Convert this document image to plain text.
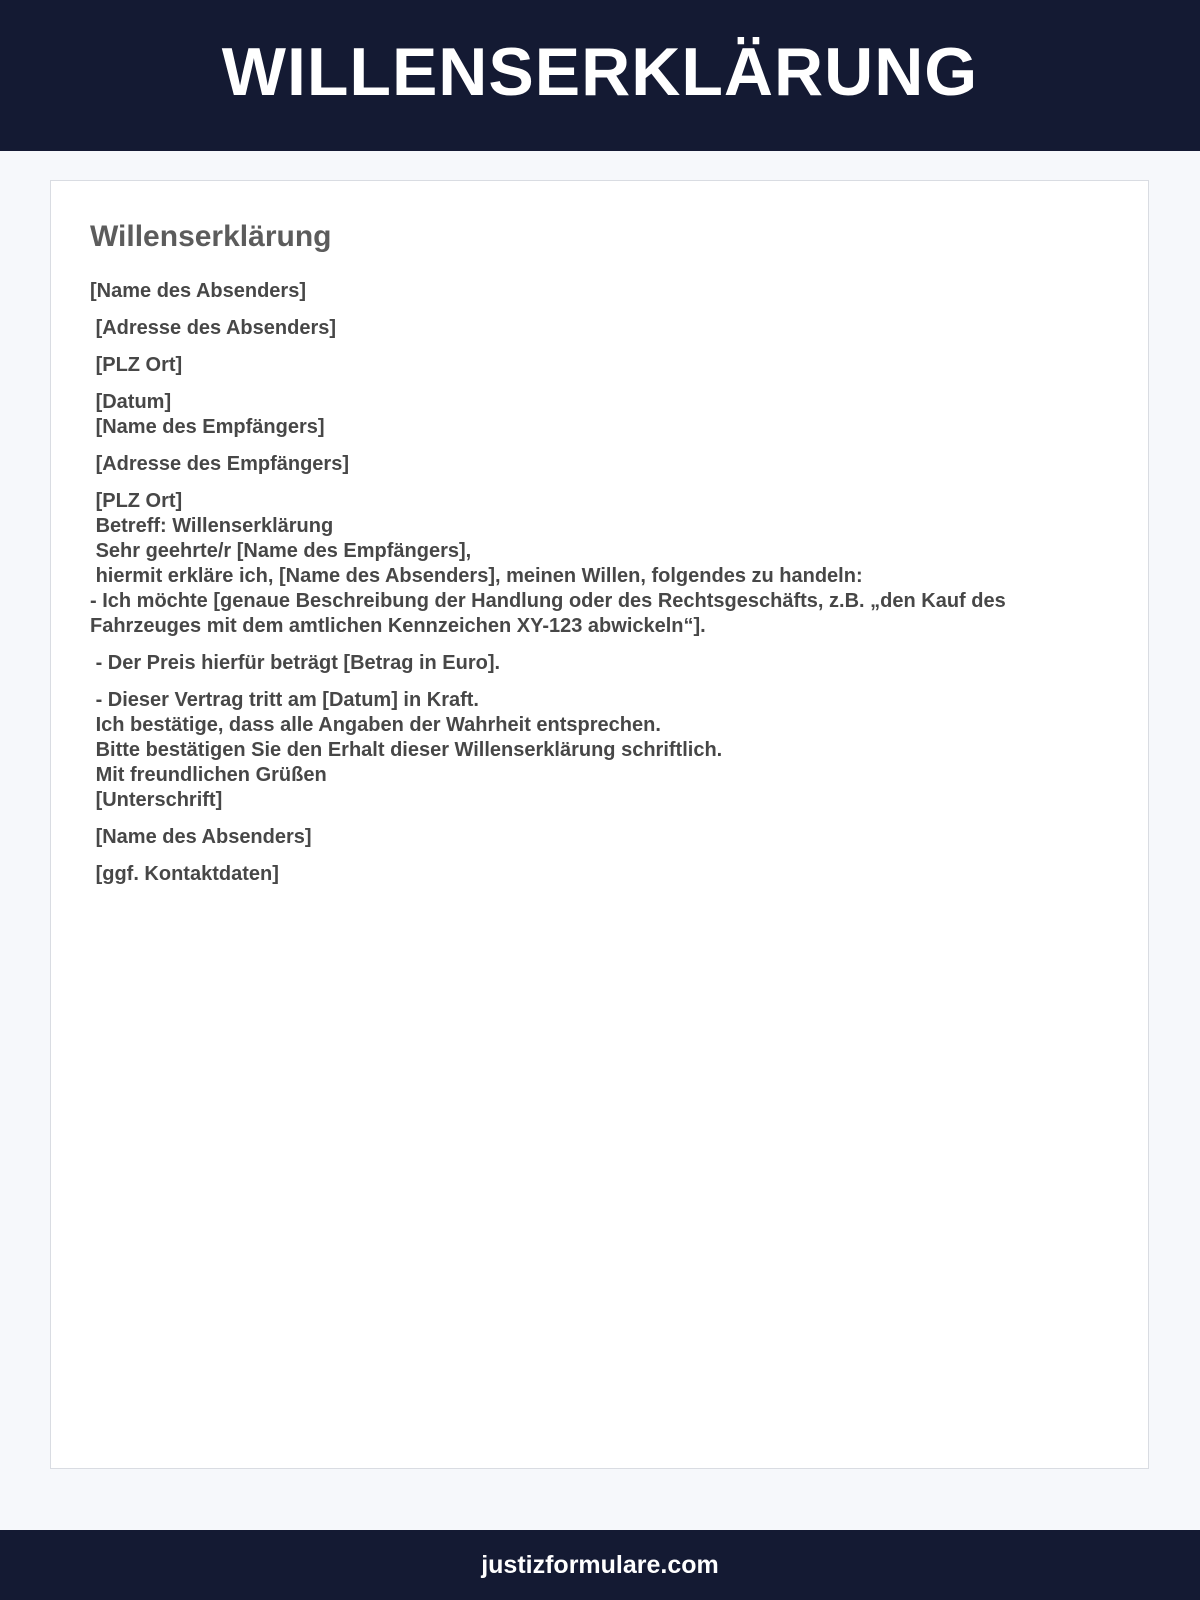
WILLENSERKLÄRUNG
Willenserklärung
[Name des Absenders]
[Adresse des Absenders]
[PLZ Ort]
[Datum]
[Name des Empfängers]
[Adresse des Empfängers]
[PLZ Ort]
Betreff: Willenserklärung
Sehr geehrte/r [Name des Empfängers],
hiermit erkläre ich, [Name des Absenders], meinen Willen, folgendes zu handeln:
- Ich möchte [genaue Beschreibung der Handlung oder des Rechtsgeschäfts, z.B. „den Kauf des Fahrzeuges mit dem amtlichen Kennzeichen XY-123 abwickeln“].
- Der Preis hierfür beträgt [Betrag in Euro].
- Dieser Vertrag tritt am [Datum] in Kraft.
Ich bestätige, dass alle Angaben der Wahrheit entsprechen.
Bitte bestätigen Sie den Erhalt dieser Willenserklärung schriftlich.
Mit freundlichen Grüßen
[Unterschrift]
[Name des Absenders]
[ggf. Kontaktdaten]
justizformulare.com
